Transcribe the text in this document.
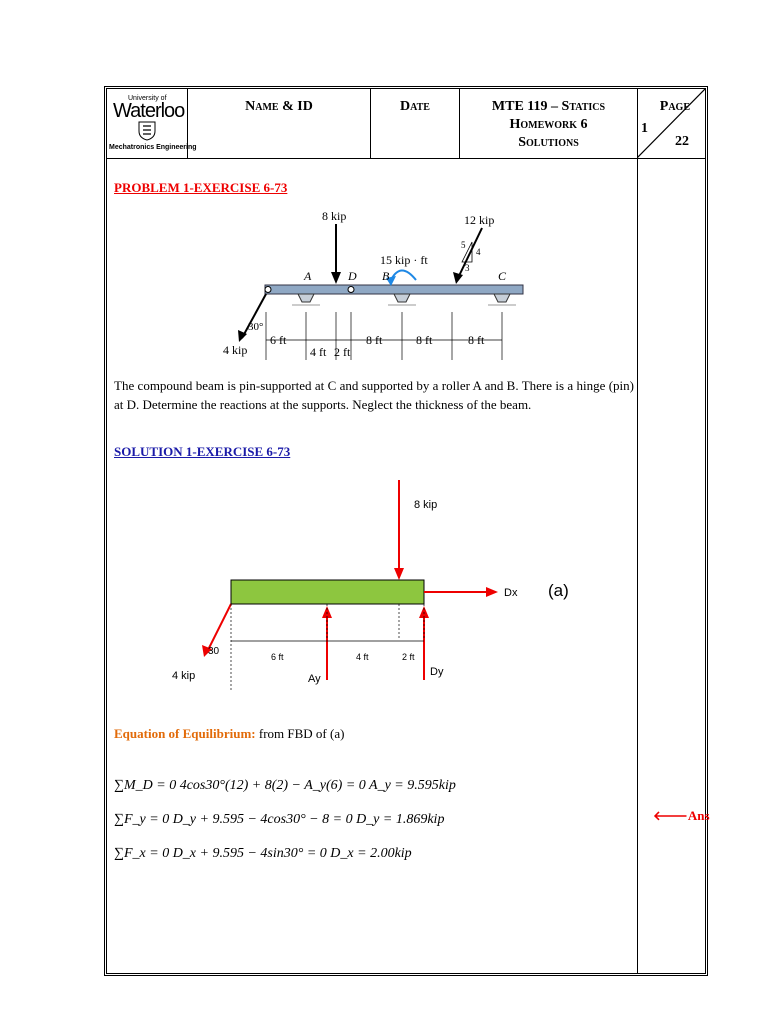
University of
Waterloo
Mechatronics Engineering
Name & ID	Date	MTE 119 – Statics
Homework 6
Solutions
Page
1
22
PROBLEM 1-EXERCISE 6-73
8 kip	12 kip
5
4
3
15 kip · ft
A	D B	C
4 kip
30°
6 ft
4 ft 2 ft
8 ft	8 ft	8 ft
The compound beam is pin-supported at C and supported by a roller A and B. There is a hinge (pin) at D. Determine the reactions at the supports. Neglect the thickness of the beam.
SOLUTION 1-EXERCISE 6-73
8 kip
Dx (a)
Ay
Dy
4 kip
30	6 ft	4 ft	2 ft
Equation of Equilibrium: from FBD of (a)
∑M_D = 0 4cos30°(12) + 8(2) − A_y(6) = 0 A_y = 9.595kip
∑F_y = 0 D_y + 9.595 − 4cos30° − 8 = 0 D_y = 1.869kip
∑F_x = 0 D_x + 9.595 − 4sin30° = 0 D_x = 2.00kip
🡐Ans
